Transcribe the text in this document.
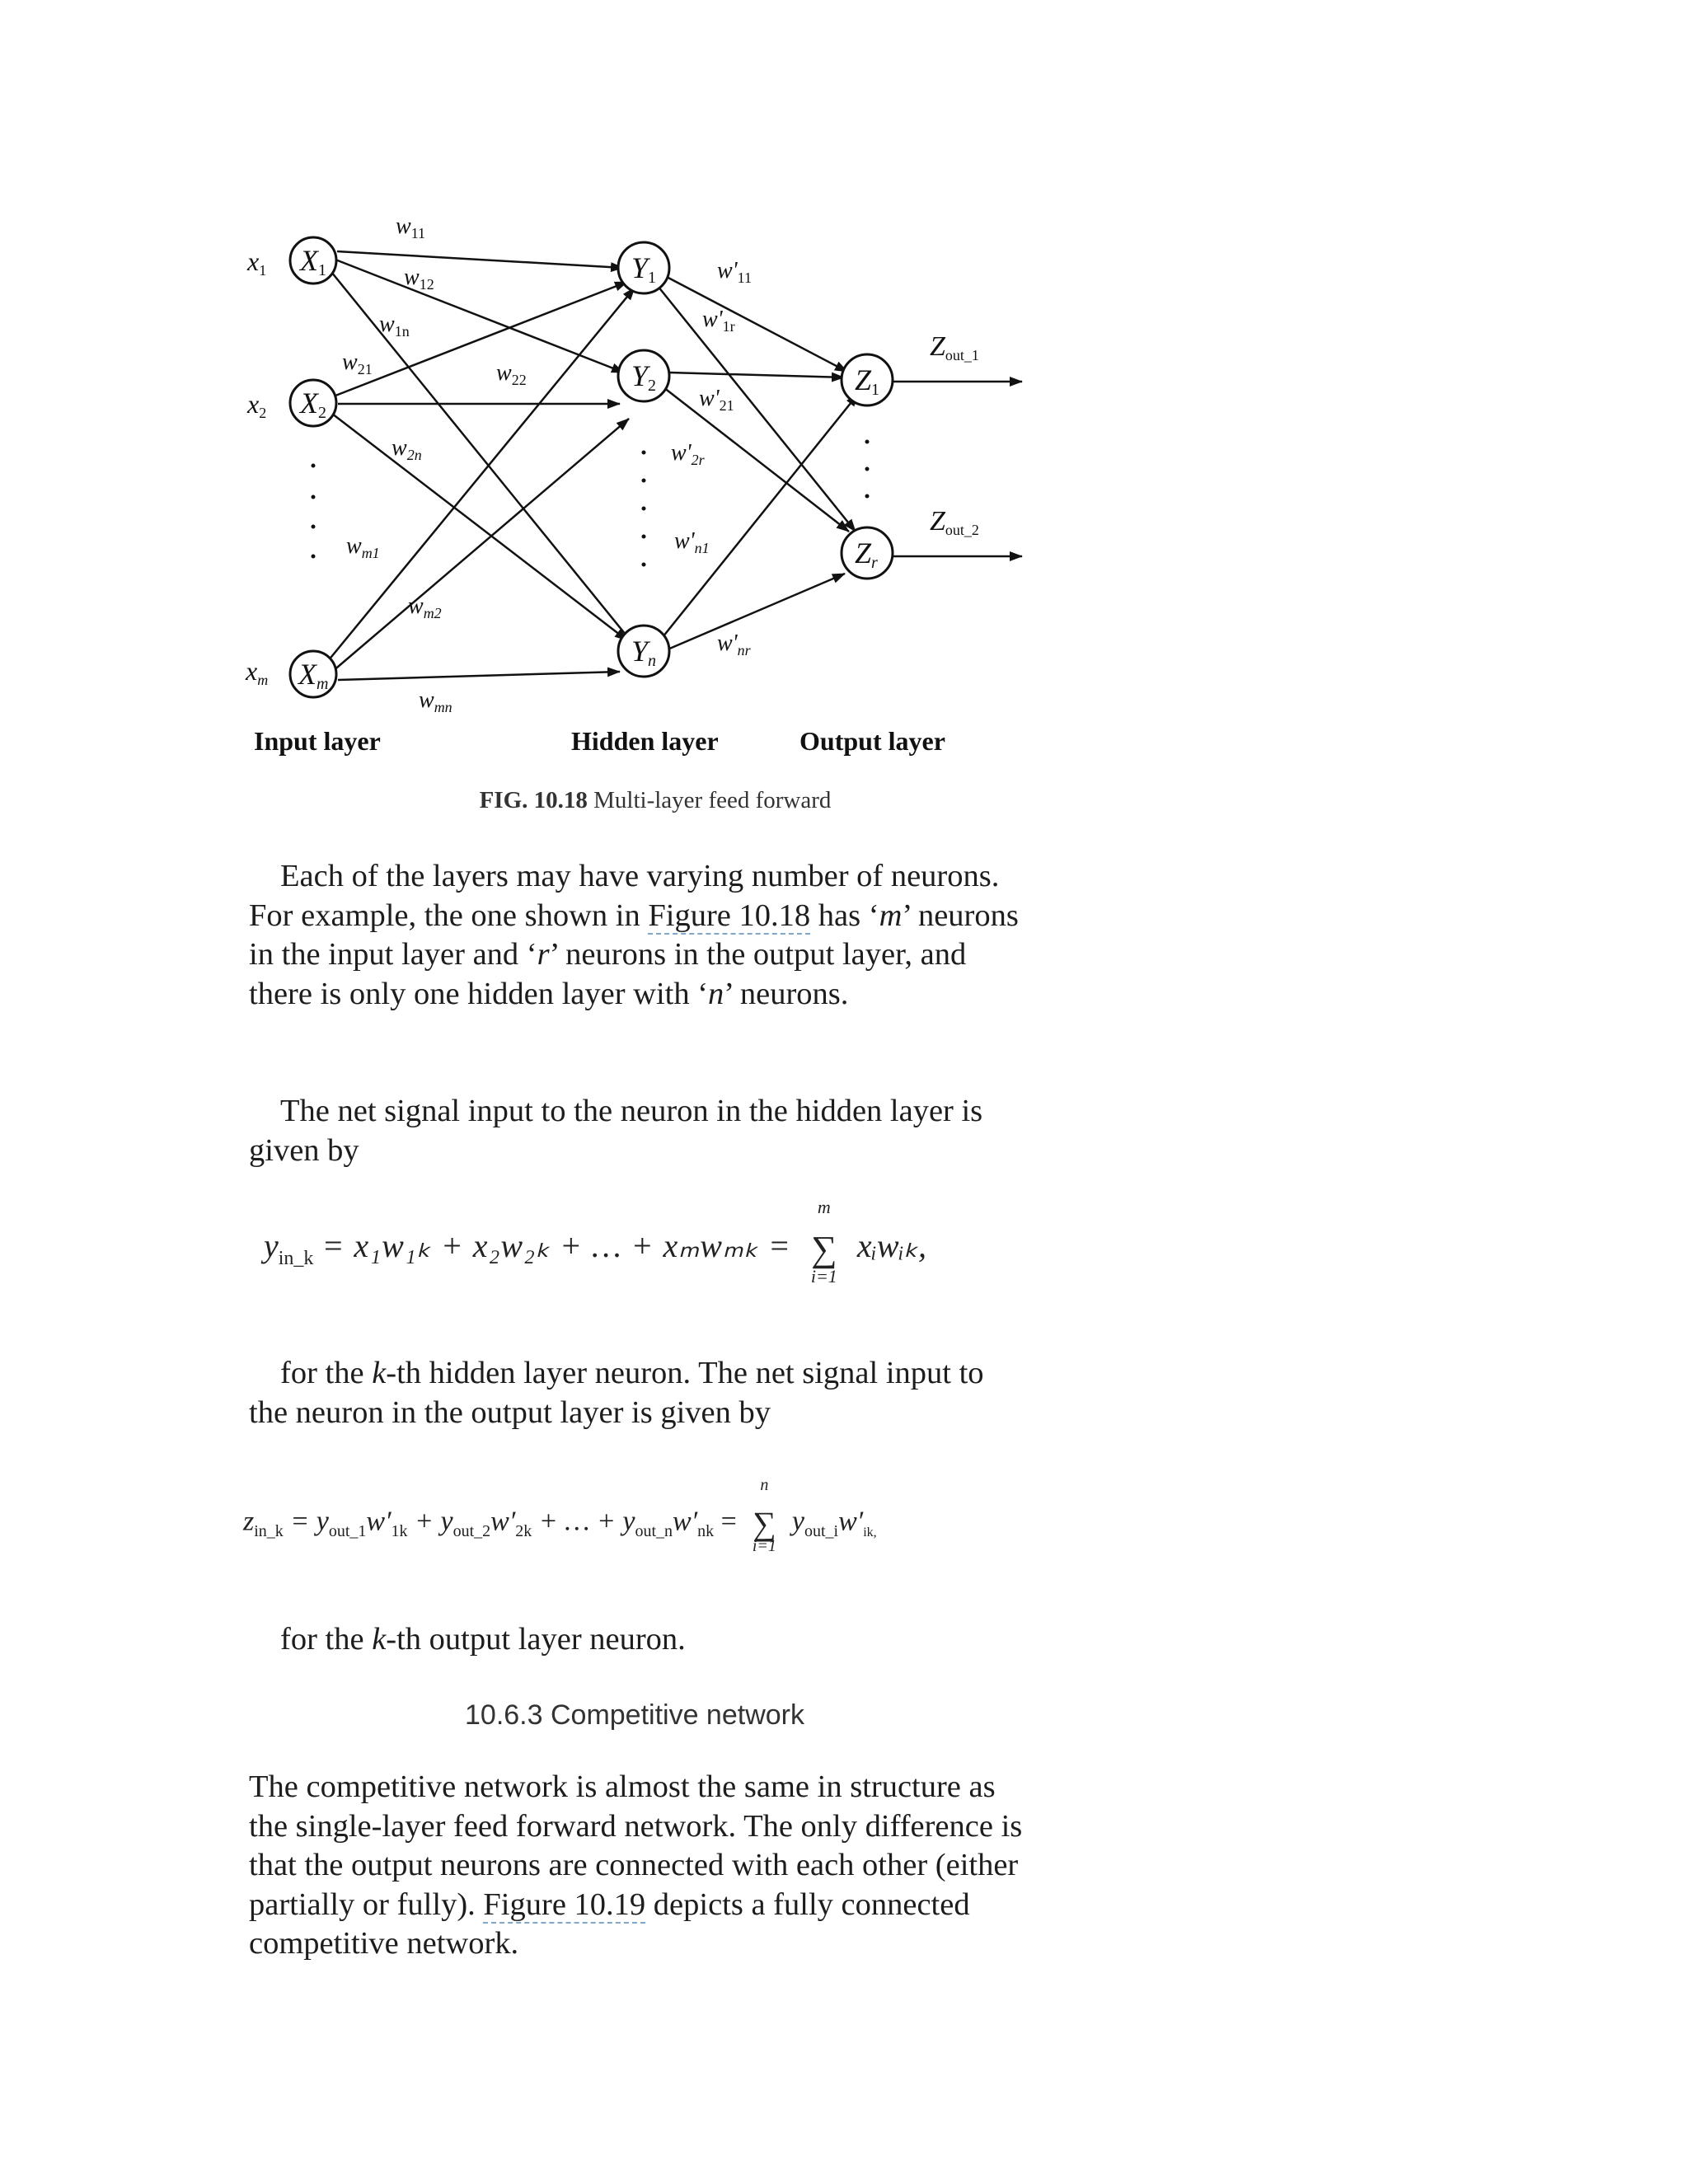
X1
X2
Xm
Y1
Y2
Yn
Z1
Zr
x1
x2
xm
Zout_1
Zout_2
$w_{11}$
$w_{12}$
$w_{1n}$
$w_{21}$	$w_{22}$
$w_{2n}$
$w_{m1}$
$w_{m2}$
$w_{mn}$
$w'_{11}$
$w'_{1r}$
$w'_{21}$
$w'_{2r}$
$w'_{n1}$
$w'_{nr}$
Input layer	Hidden layer	Output layer
FIG. 10.18 Multi-layer feed forward
Each of the layers may have varying number of neurons. For example, the one shown in Figure 10.18 has ‘m’ neurons in the input layer and ‘r’ neurons in the output layer, and there is only one hidden layer with ‘n’ neurons.
The net signal input to the neuron in the hidden layer is given by
$y_{in\_k} = x_1w_{1k} + x_2w_{2k}$ + … + xₘwₘₖ =
m
∑
i=1
xᵢwᵢₖ,
for the k-th hidden layer neuron. The net signal input to the neuron in the output layer is given by
$z_{in\_k} = y_{out\_1}w'_{1k} + y_{out\_2}w'_{2k}$ + … + $y_{out\_n}w'_{nk}$ =
n
∑
i=1
$y_{out\_i}w'_{ik,}$
for the k-th output layer neuron.
10.6.3 Competitive network
The competitive network is almost the same in structure as the single-layer feed forward network. The only difference is that the output neurons are connected with each other (either partially or fully). Figure 10.19 depicts a fully connected competitive network.
